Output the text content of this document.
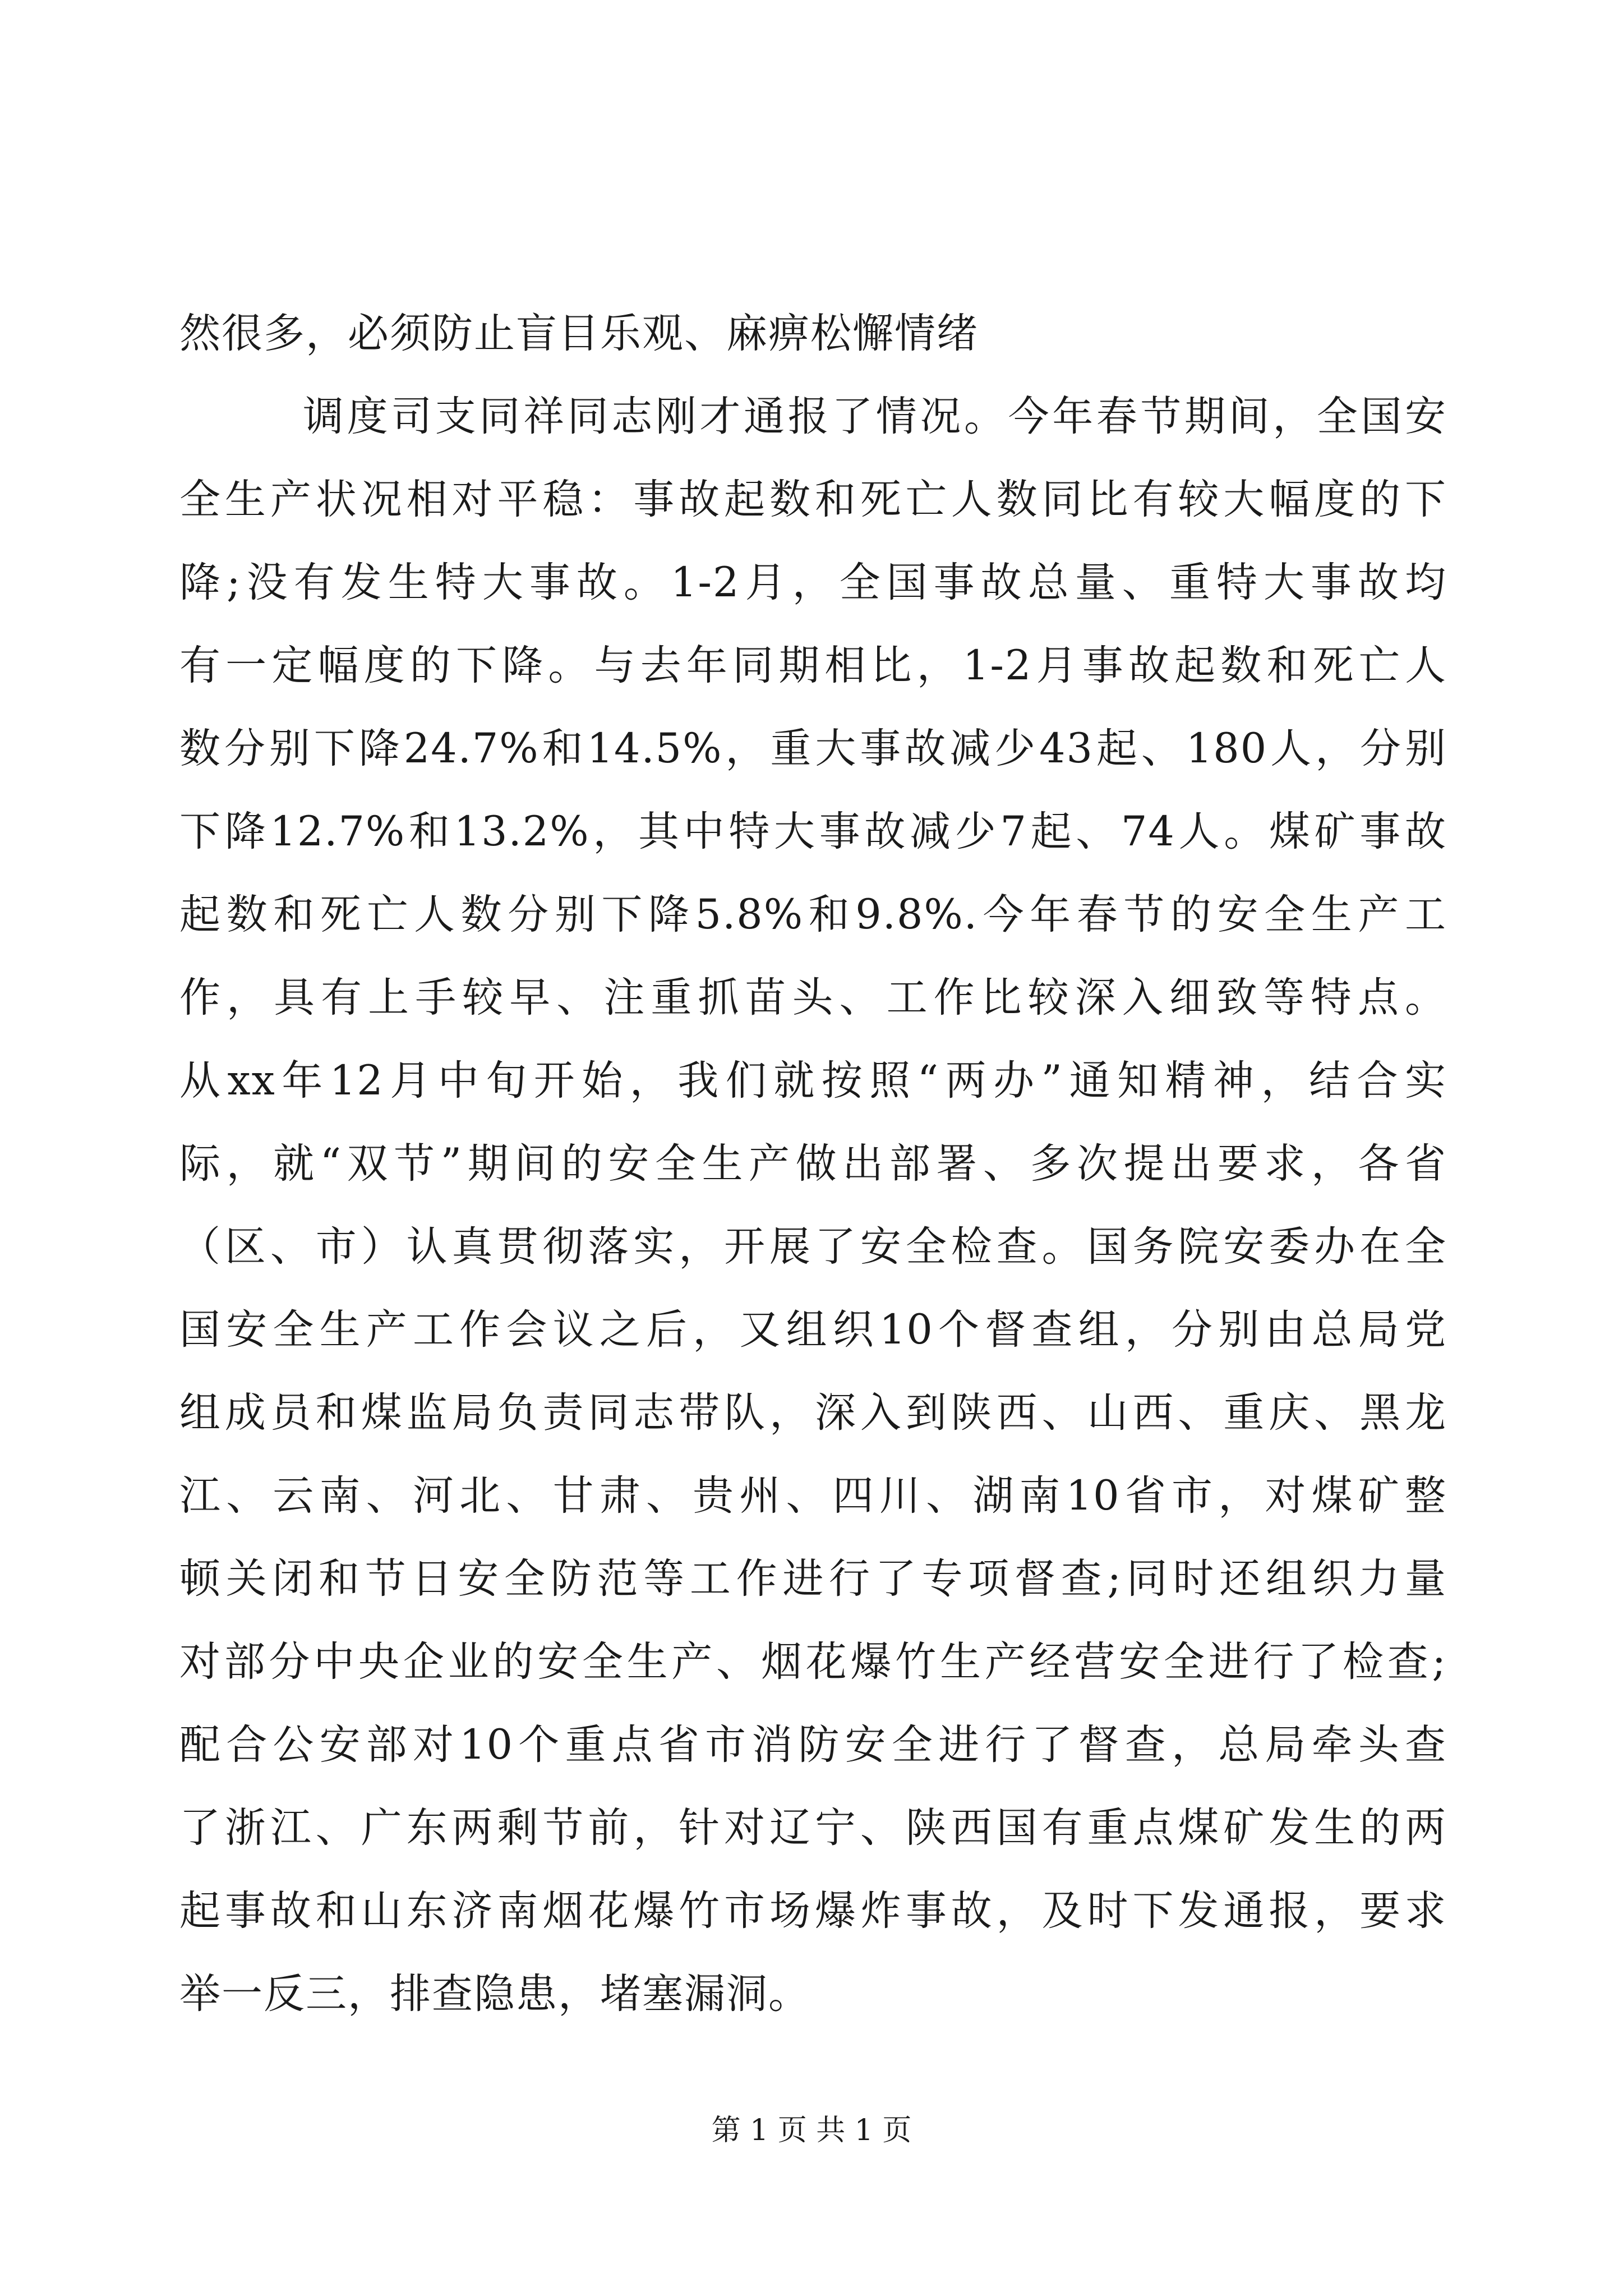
然很多，必须防止盲目乐观、麻痹松懈情绪
调度司支同祥同志刚才通报了情况。今年春节期间，全国安
全生产状况相对平稳：事故起数和死亡人数同比有较大幅度的下
降;没有发生特大事故。1-2月，全国事故总量、重特大事故均
有一定幅度的下降。与去年同期相比，1-2月事故起数和死亡人
数分别下降24.7%和14.5%，重大事故减少43起、180人，分别
下降12.7%和13.2%，其中特大事故减少7起、74人。煤矿事故
起数和死亡人数分别下降5.8%和9.8%.今年春节的安全生产工
作，具有上手较早、注重抓苗头、工作比较深入细致等特点。
从xx年12月中旬开始，我们就按照“两办”通知精神，结合实
际，就“双节”期间的安全生产做出部署、多次提出要求，各省
（区、市）认真贯彻落实，开展了安全检查。国务院安委办在全
国安全生产工作会议之后，又组织10个督查组，分别由总局党
组成员和煤监局负责同志带队，深入到陕西、山西、重庆、黑龙
江、云南、河北、甘肃、贵州、四川、湖南10省市，对煤矿整
顿关闭和节日安全防范等工作进行了专项督查;同时还组织力量
对部分中央企业的安全生产、烟花爆竹生产经营安全进行了检查;
配合公安部对10个重点省市消防安全进行了督查，总局牵头查
了浙江、广东两剩节前，针对辽宁、陕西国有重点煤矿发生的两
起事故和山东济南烟花爆竹市场爆炸事故，及时下发通报，要求
举一反三，排查隐患，堵塞漏洞。
第 1 页 共 1 页
